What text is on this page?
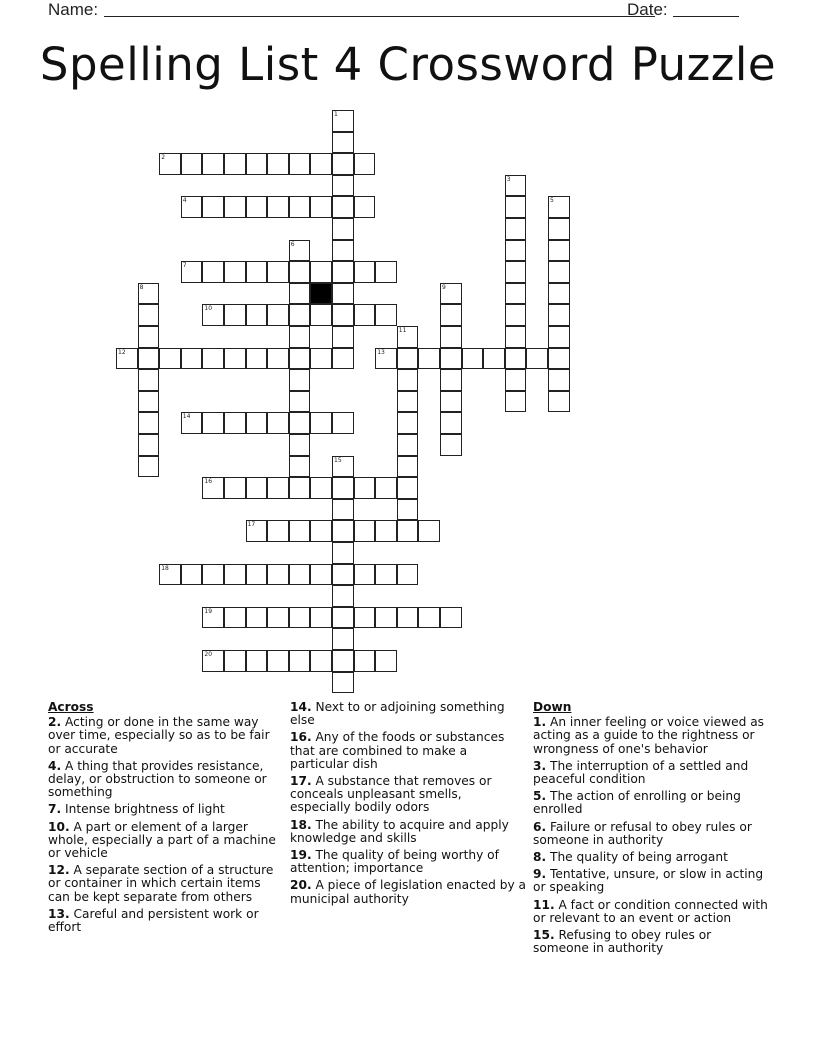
Name:	Date:
Spelling List 4 Crossword Puzzle
1
2
3
4	5
6
7
8	9
10
11
12	13
14
15
16
17
18
19
20
Across
2. Acting or done in the same way over time, especially so as to be fair or accurate
4. A thing that provides resistance, delay, or obstruction to someone or something
7. Intense brightness of light
10. A part or element of a larger whole, especially a part of a machine or vehicle
12. A separate section of a structure or container in which certain items can be kept separate from others
13. Careful and persistent work or effort
14. Next to or adjoining something else
16. Any of the foods or substances that are combined to make a particular dish
17. A substance that removes or conceals unpleasant smells, especially bodily odors
18. The ability to acquire and apply knowledge and skills
19. The quality of being worthy of attention; importance
20. A piece of legislation enacted by a municipal authority
Down
1. An inner feeling or voice viewed as acting as a guide to the rightness or wrongness of one's behavior
3. The interruption of a settled and peaceful condition
5. The action of enrolling or being enrolled
6. Failure or refusal to obey rules or someone in authority
8. The quality of being arrogant
9. Tentative, unsure, or slow in acting or speaking
11. A fact or condition connected with or relevant to an event or action
15. Refusing to obey rules or someone in authority
